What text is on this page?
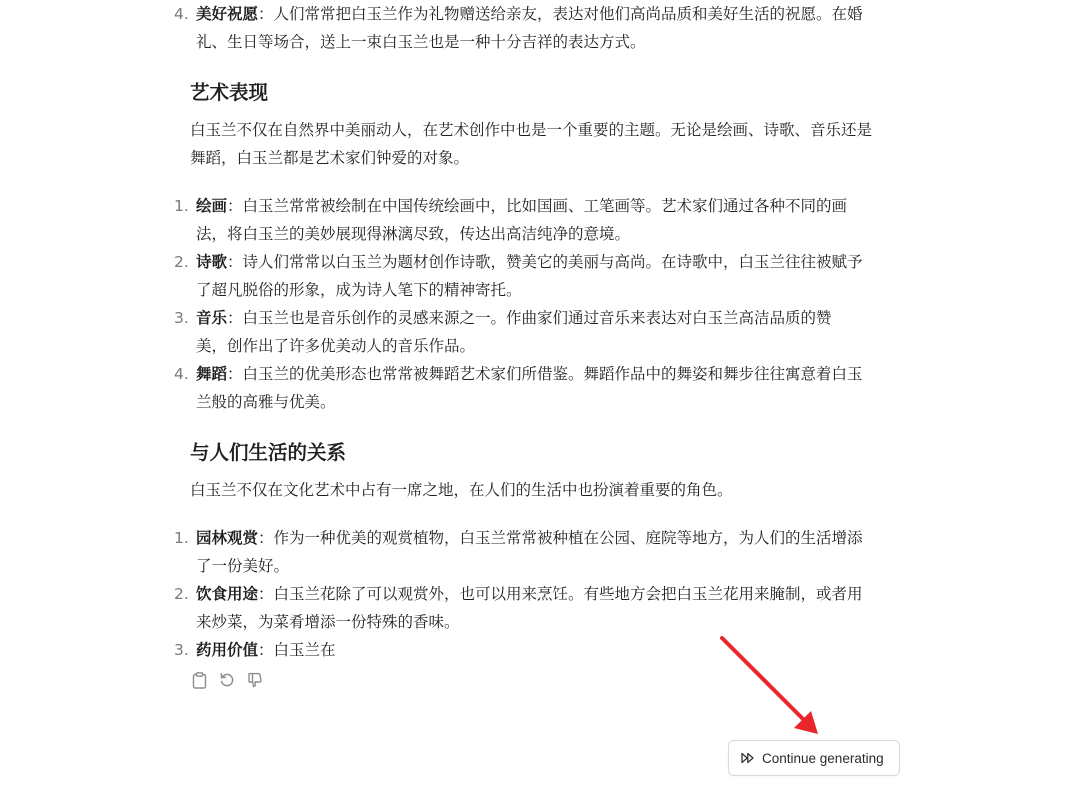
4. 美好祝愿：人们常常把白玉兰作为礼物赠送给亲友，表达对他们高尚品质和美好生活的祝愿。在婚礼、生日等场合，送上一束白玉兰也是一种十分吉祥的表达方式。
艺术表现

白玉兰不仅在自然界中美丽动人，在艺术创作中也是一个重要的主题。无论是绘画、诗歌、音乐还是舞蹈，白玉兰都是艺术家们钟爱的对象。

1. 绘画：白玉兰常常被绘制在中国传统绘画中，比如国画、工笔画等。艺术家们通过各种不同的画法，将白玉兰的美妙展现得淋漓尽致，传达出高洁纯净的意境。
2. 诗歌：诗人们常常以白玉兰为题材创作诗歌，赞美它的美丽与高尚。在诗歌中，白玉兰往往被赋予了超凡脱俗的形象，成为诗人笔下的精神寄托。
3. 音乐：白玉兰也是音乐创作的灵感来源之一。作曲家们通过音乐来表达对白玉兰高洁品质的赞美，创作出了许多优美动人的音乐作品。
4. 舞蹈：白玉兰的优美形态也常常被舞蹈艺术家们所借鉴。舞蹈作品中的舞姿和舞步往往寓意着白玉兰般的高雅与优美。
与人们生活的关系

白玉兰不仅在文化艺术中占有一席之地，在人们的生活中也扮演着重要的角色。

1. 园林观赏：作为一种优美的观赏植物，白玉兰常常被种植在公园、庭院等地方，为人们的生活增添了一份美好。
2. 饮食用途：白玉兰花除了可以观赏外，也可以用来烹饪。有些地方会把白玉兰花用来腌制，或者用来炒菜，为菜肴增添一份特殊的香味。
3. 药用价值：白玉兰在
Continue generating
